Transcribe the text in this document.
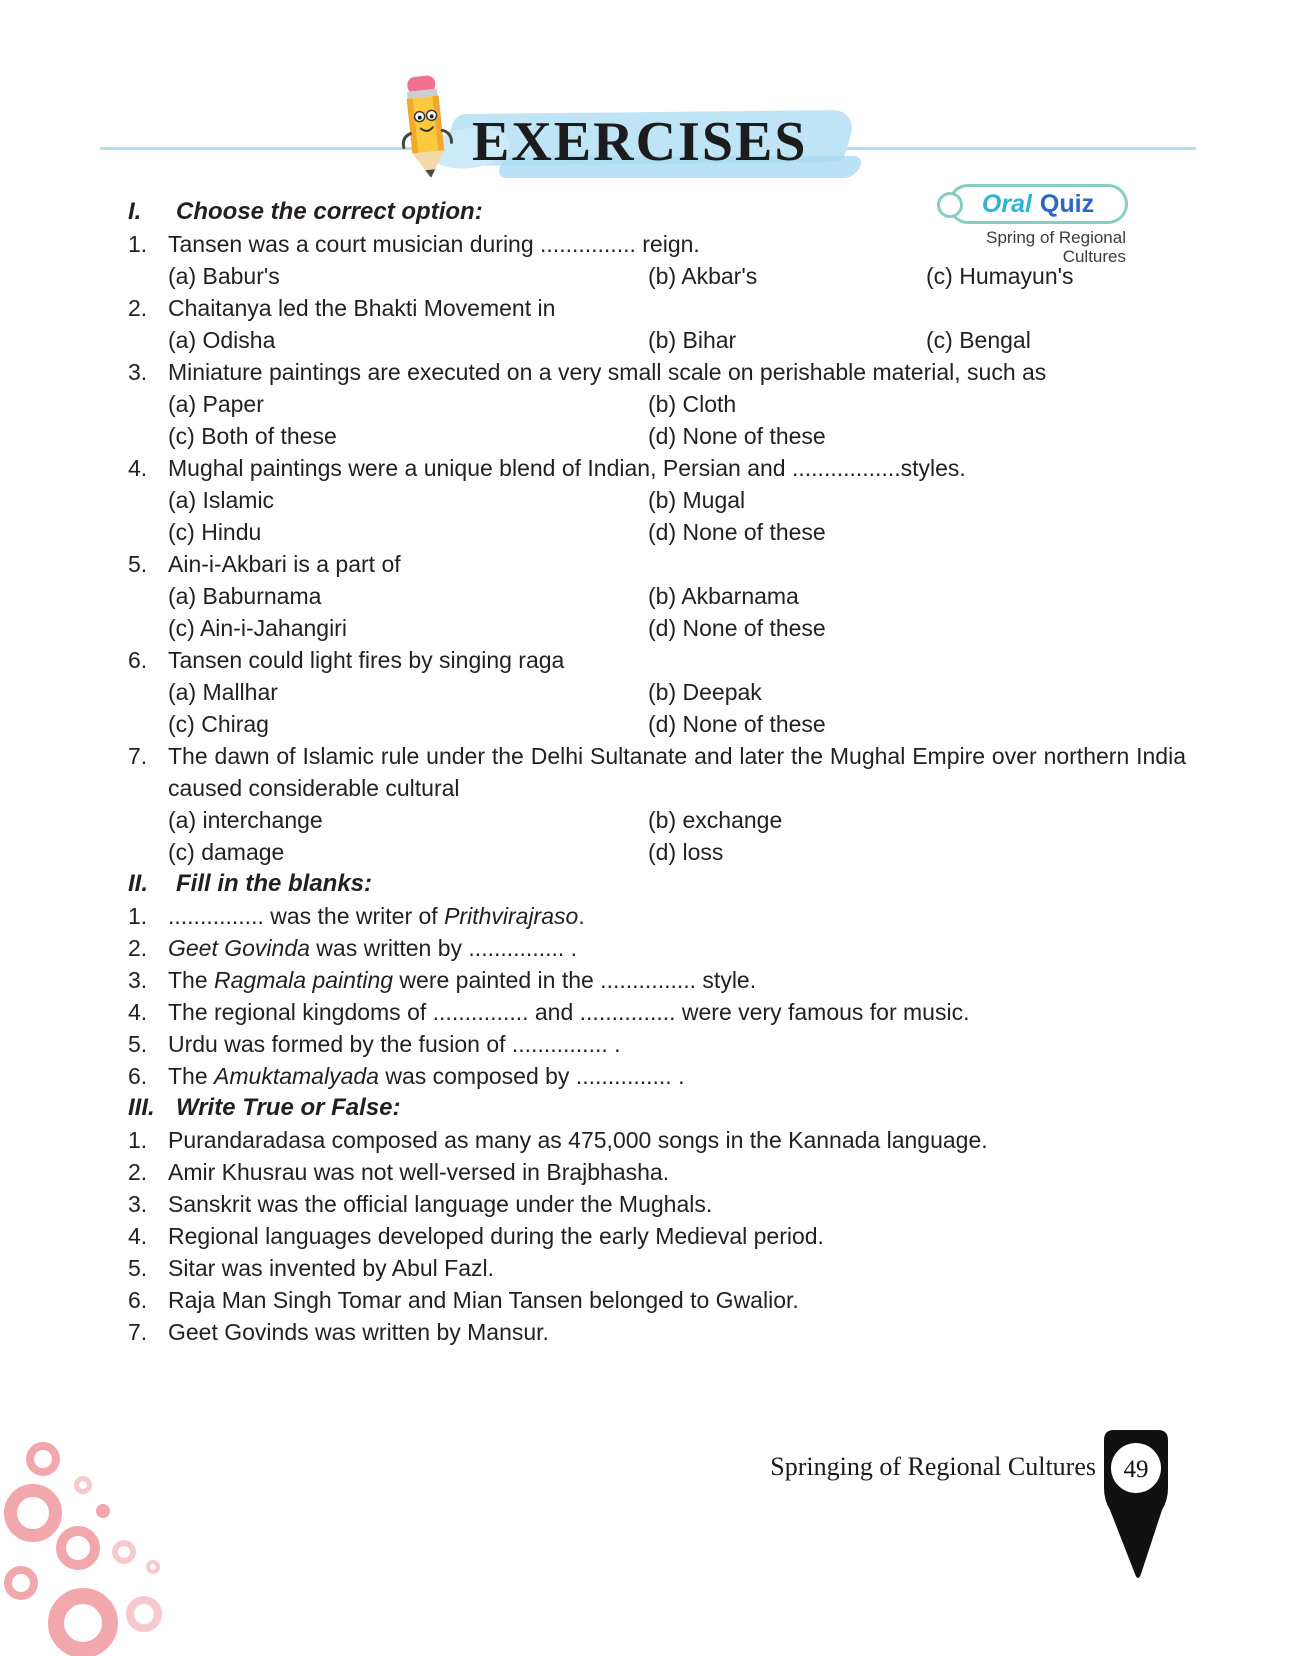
EXERCISES
Oral Quiz
Spring of Regional
Cultures
I.	Choose the correct option:
1. Tansen was a court musician during ............... reign.
(a) Babur's	(b) Akbar's	(c) Humayun's
2. Chaitanya led the Bhakti Movement in
(a) Odisha	(b) Bihar	(c) Bengal
3. Miniature paintings are executed on a very small scale on perishable material, such as
(a) Paper	(b) Cloth
(c) Both of these	(d) None of these
4. Mughal paintings were a unique blend of Indian, Persian and .................styles.
(a) Islamic	(b) Mugal
(c) Hindu	(d) None of these
5. Ain-i-Akbari is a part of
(a) Baburnama	(b) Akbarnama
(c) Ain-i-Jahangiri	(d) None of these
6. Tansen could light fires by singing raga
(a) Mallhar	(b) Deepak
(c) Chirag	(d) None of these
7. The dawn of Islamic rule under the Delhi Sultanate and later the Mughal Empire over northern India caused considerable cultural
(a) interchange	(b) exchange
(c) damage	(d) loss
II.	Fill in the blanks:
1. ............... was the writer of Prithvirajraso.
2. Geet Govinda was written by ............... .
3. The Ragmala painting were painted in the ............... style.
4. The regional kingdoms of ............... and ............... were very famous for music.
5. Urdu was formed by the fusion of ............... .
6. The Amuktamalyada was composed by ............... .
III. Write True or False:
1. Purandaradasa composed as many as 475,000 songs in the Kannada language.
2. Amir Khusrau was not well-versed in Brajbhasha.
3. Sanskrit was the official language under the Mughals.
4. Regional languages developed during the early Medieval period.
5. Sitar was invented by Abul Fazl.
6. Raja Man Singh Tomar and Mian Tansen belonged to Gwalior.
7. Geet Govinds was written by Mansur.
Springing of Regional Cultures 49
